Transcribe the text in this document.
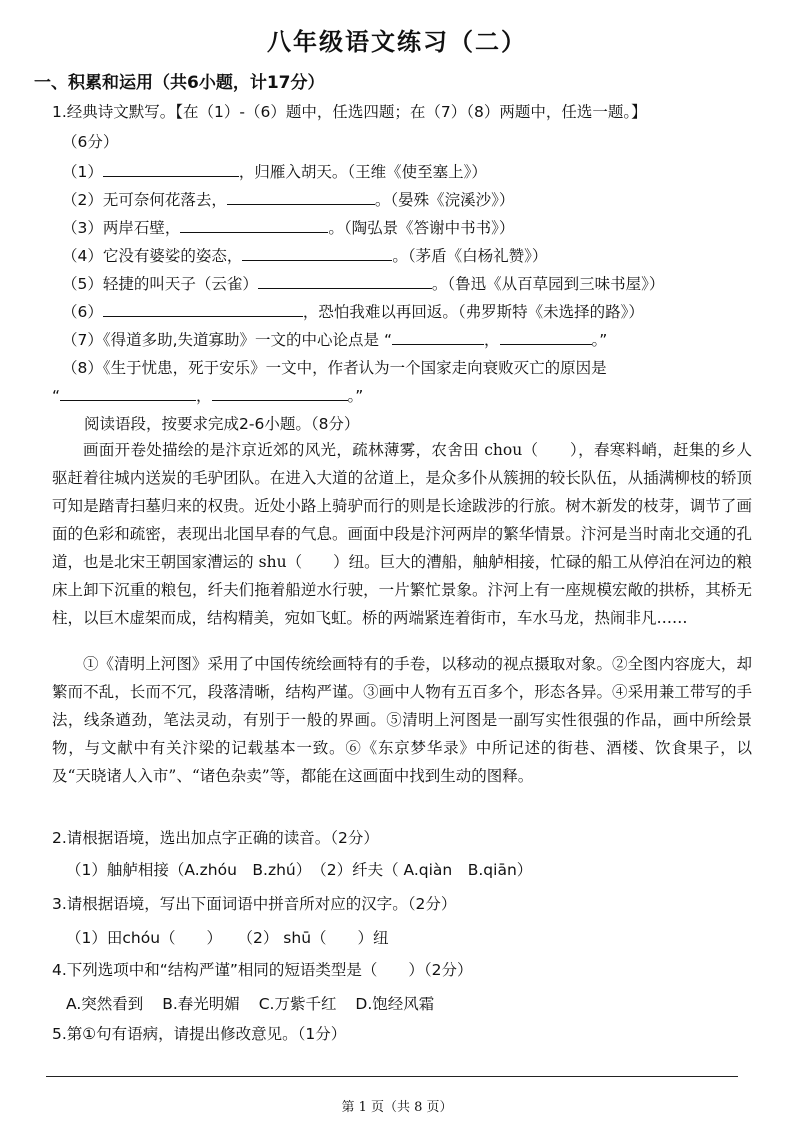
八年级语文练习（二）
一、积累和运用（共6小题，计17分）
1.经典诗文默写。【在（1）-（6）题中，任选四题；在（7）（8）两题中，任选一题。】
（6分）
（1）	，归雁入胡天。（王维《使至塞上》）
（2）无可奈何花落去，	。（晏殊《浣溪沙》）
（3）两岸石壁，	。（陶弘景《答谢中书书》）
（4）它没有婆娑的姿态，	。（茅盾《白杨礼赞》）
（5）轻捷的叫天子（云雀）	。（鲁迅《从百草园到三味书屋》）
（6）	，恐怕我难以再回返。（弗罗斯特《未选择的路》）
（7）《得道多助,失道寡助》一文的中心论点是 “	，	。”
（8）《生于忧患，死于安乐》一文中，作者认为一个国家走向衰败灭亡的原因是
“	，	。”
阅读语段，按要求完成2-6小题。（8分）
画面开卷处描绘的是汴京近郊的风光，疏林薄雾，农舍田 chou（　　），春寒料峭，赶集的乡人驱赶着往城内送炭的毛驴团队。在进入大道的岔道上，是众多仆从簇拥的较长队伍，从插满柳枝的轿顶可知是踏青扫墓归来的权贵。近处小路上骑驴而行的则是长途跋涉的行旅。树木新发的枝芽，调节了画面的色彩和疏密，表现出北国早春的气息。画面中段是汴河两岸的繁华情景。汴河是当时南北交通的孔道，也是北宋王朝国家漕运的 shu（　　）纽。巨大的漕船，舳舻相接，忙碌的船工从停泊在河边的粮床上卸下沉重的粮包，纤夫们拖着船逆水行驶，一片繁忙景象。汴河上有一座规模宏敞的拱桥，其桥无柱，以巨木虚架而成，结构精美，宛如飞虹。桥的两端紧连着街市，车水马龙，热闹非凡……
①《清明上河图》采用了中国传统绘画特有的手卷，以移动的视点摄取对象。②全图内容庞大，却繁而不乱，长而不冗，段落清晰，结构严谨。③画中人物有五百多个，形态各异。④采用兼工带写的手法，线条遒劲，笔法灵动，有别于一般的界画。⑤清明上河图是一副写实性很强的作品，画中所绘景物，与文献中有关汴梁的记载基本一致。⑥《东京梦华录》中所记述的街巷、酒楼、饮食果子，以及“天晓诸人入市”、“诸色杂卖”等，都能在这画面中找到生动的图释。
2.请根据语境，选出加点字正确的读音。（2分）
（1）舳舻相接（A.zhóu　B.zhú）　（2）纤夫（ A.qiàn　B.qiān）
3.请根据语境，写出下面词语中拼音所对应的汉字。（2分）
（1）田chóu（　　）　　（2） shū（　　）纽
4.下列选项中和“结构严谨”相同的短语类型是（　　）（2分）
A.突然看到 B.春光明媚 C.万紫千红 D.饱经风霜
5.第①句有语病，请提出修改意见。（1分）
第 1 页（共 8 页）
